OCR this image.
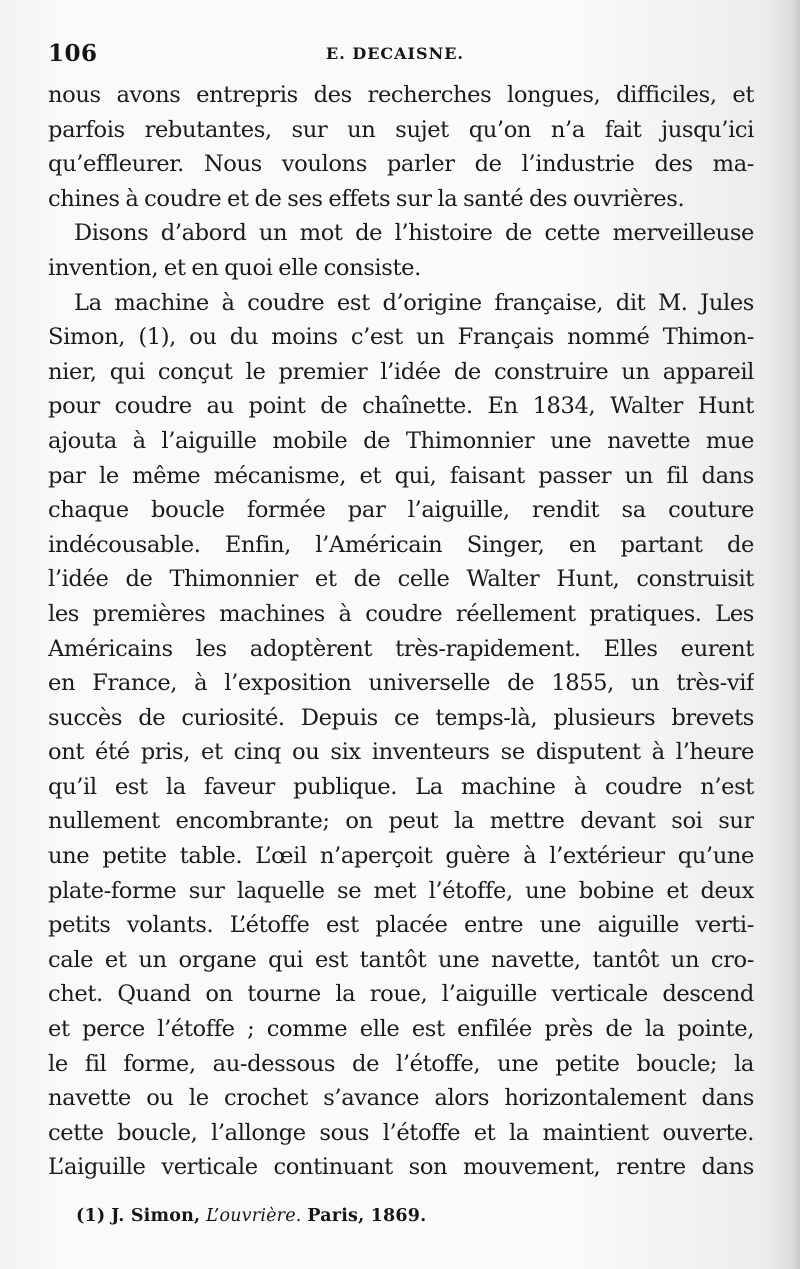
106	E. DECAISNE.
nous avons entrepris des recherches longues, difficiles, et
parfois rebutantes, sur un sujet qu’on n’a fait jusqu’ici
qu’effleurer. Nous voulons parler de l’industrie des ma-
chines à coudre et de ses effets sur la santé des ouvrières.
Disons d’abord un mot de l’histoire de cette merveilleuse
invention, et en quoi elle consiste.
La machine à coudre est d’origine française, dit M. Jules
Simon, (1), ou du moins c’est un Français nommé Thimon-
nier, qui conçut le premier l’idée de construire un appareil
pour coudre au point de chaînette. En 1834, Walter Hunt
ajouta à l’aiguille mobile de Thimonnier une navette mue
par le même mécanisme, et qui, faisant passer un fil dans
chaque boucle formée par l’aiguille, rendit sa couture
indécousable. Enfin, l’Américain Singer, en partant de
l’idée de Thimonnier et de celle Walter Hunt, construisit
les premières machines à coudre réellement pratiques. Les
Américains les adoptèrent très-rapidement. Elles eurent
en France, à l’exposition universelle de 1855, un très-vif
succès de curiosité. Depuis ce temps-là, plusieurs brevets
ont été pris, et cinq ou six inventeurs se disputent à l’heure
qu’il est la faveur publique. La machine à coudre n’est
nullement encombrante; on peut la mettre devant soi sur
une petite table. L’œil n’aperçoit guère à l’extérieur qu’une
plate-forme sur laquelle se met l’étoffe, une bobine et deux
petits volants. L’étoffe est placée entre une aiguille verti-
cale et un organe qui est tantôt une navette, tantôt un cro-
chet. Quand on tourne la roue, l’aiguille verticale descend
et perce l’étoffe ; comme elle est enfilée près de la pointe,
le fil forme, au-dessous de l’étoffe, une petite boucle; la
navette ou le crochet s’avance alors horizontalement dans
cette boucle, l’allonge sous l’étoffe et la maintient ouverte.
L’aiguille verticale continuant son mouvement, rentre dans
(1) J. Simon, L’ouvrière. Paris, 1869.
